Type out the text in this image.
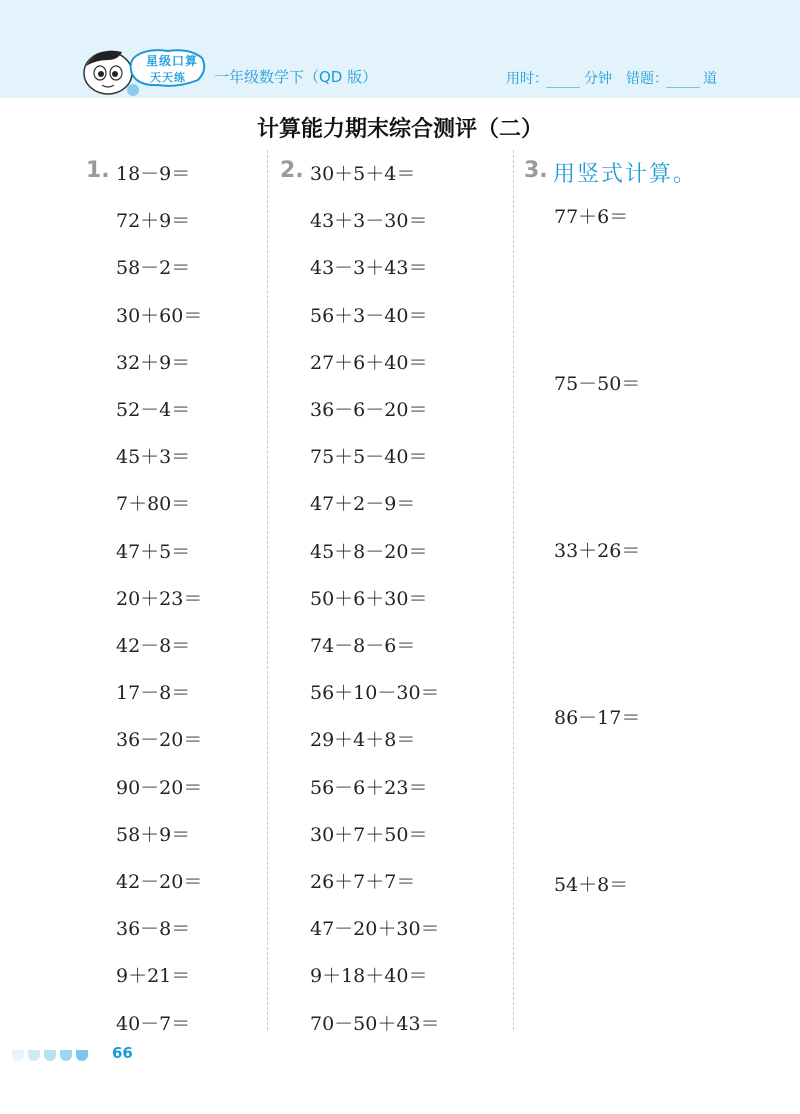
星级口算
天天练 一年级数学下（QD 版）	用时：	分钟 错题：	道
计算能力期末综合测评（二）
1. 18－9＝
72＋9＝
58－2＝
30＋60＝
32＋9＝
52－4＝
45＋3＝
7＋80＝
47＋5＝
20＋23＝
42－8＝
17－8＝
36－20＝
90－20＝
58＋9＝
42－20＝
36－8＝
9＋21＝
40－7＝
2. 30＋5＋4＝
43＋3－30＝
43－3＋43＝
56＋3－40＝
27＋6＋40＝
36－6－20＝
75＋5－40＝
47＋2－9＝
45＋8－20＝
50＋6＋30＝
74－8－6＝
56＋10－30＝
29＋4＋8＝
56－6＋23＝
30＋7＋50＝
26＋7＋7＝
47－20＋30＝
9＋18＋40＝
70－50＋43＝
3. 用竖式计算。
77＋6＝
75－50＝
33＋26＝
86－17＝
54＋8＝
66
